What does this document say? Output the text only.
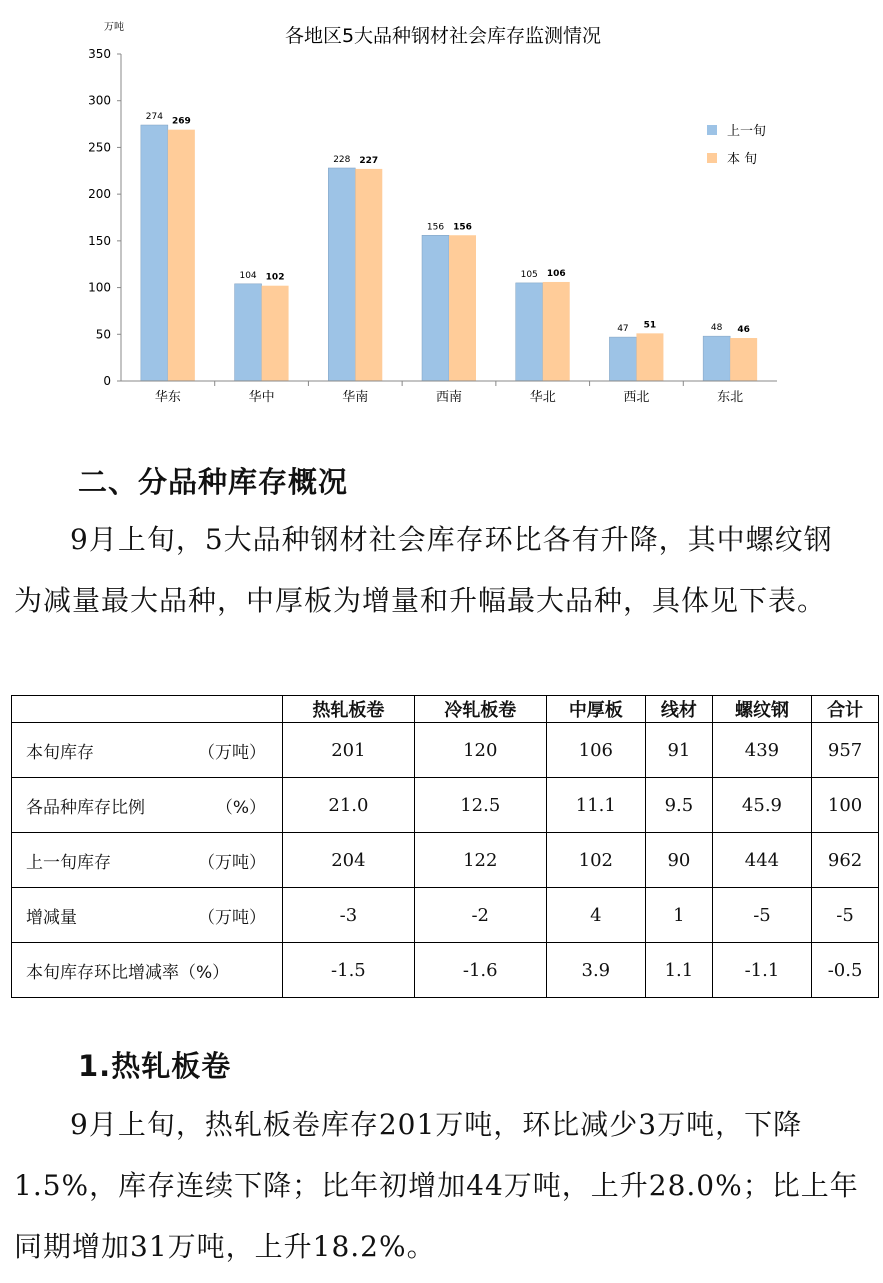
各地区5大品种钢材社会库存监测情况
万吨
0
50
100
150
200
250
300
350
274 269
104 102
228 227
156 156
105 106
47 51	48 46
华东	华中	华南	西南	华北	西北	东北
上一旬
本 旬
二、分品种库存概况

9月上旬，5大品种钢材社会库存环比各有升降，其中螺纹钢为减量最大品种，中厚板为增量和升幅最大品种，具体见下表。

	热轧板卷	冷轧板卷	中厚板	线材	螺纹钢	合计
本旬库存 （万吨）	201	120	106	91	439	957
各品种库存比例 （%）	21.0	12.5	11.1	9.5	45.9	100
上一旬库存 （万吨）	204	122	102	90	444	962
增减量 （万吨）	-3	-2	4	1	-5	-5
本旬库存环比增减率（%）	-1.5	-1.6	3.9	1.1	-1.1	-0.5
1.热轧板卷

9月上旬，热轧板卷库存201万吨，环比减少3万吨，下降1.5%，库存连续下降；比年初增加44万吨，上升28.0%；比上年同期增加31万吨，上升18.2%。
